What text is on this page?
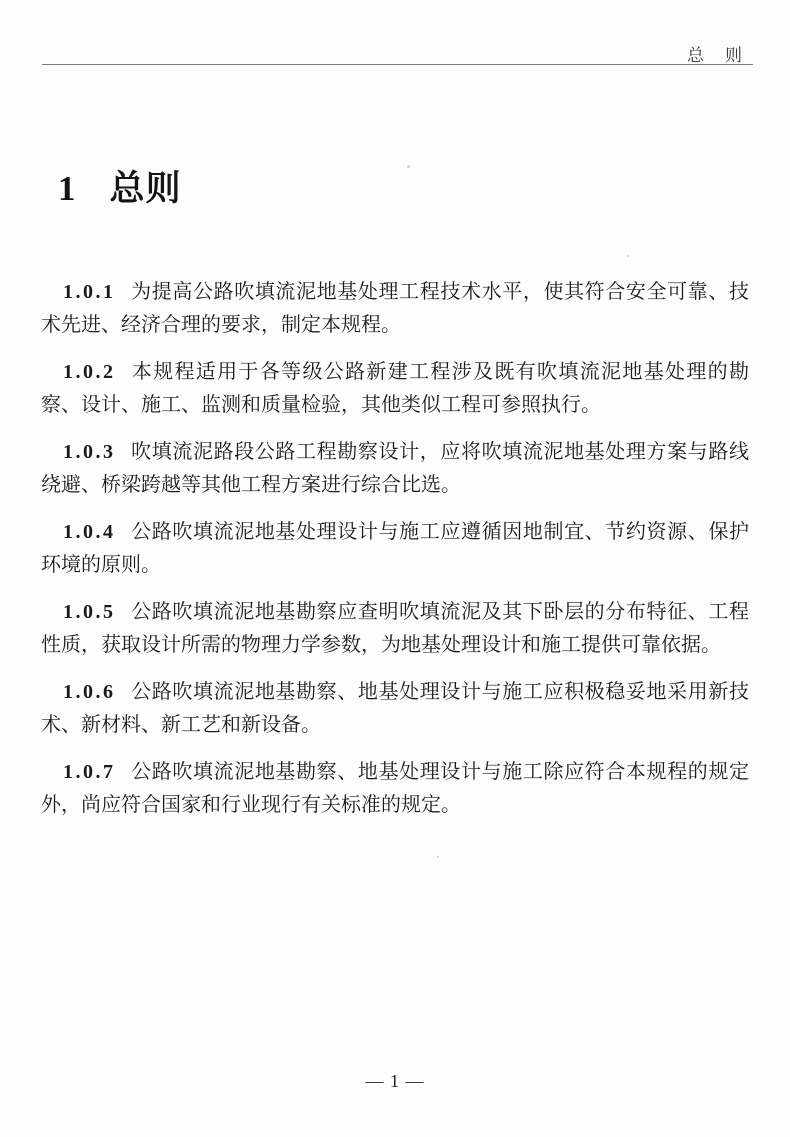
总　则
1 总则

1.0.1 为提高公路吹填流泥地基处理工程技术水平，使其符合安全可靠、技术先进、经济合理的要求，制定本规程。

1.0.2 本规程适用于各等级公路新建工程涉及既有吹填流泥地基处理的勘察、设计、施工、监测和质量检验，其他类似工程可参照执行。

1.0.3 吹填流泥路段公路工程勘察设计，应将吹填流泥地基处理方案与路线绕避、桥梁跨越等其他工程方案进行综合比选。

1.0.4 公路吹填流泥地基处理设计与施工应遵循因地制宜、节约资源、保护环境的原则。

1.0.5 公路吹填流泥地基勘察应查明吹填流泥及其下卧层的分布特征、工程性质，获取设计所需的物理力学参数，为地基处理设计和施工提供可靠依据。

1.0.6 公路吹填流泥地基勘察、地基处理设计与施工应积极稳妥地采用新技术、新材料、新工艺和新设备。

1.0.7 公路吹填流泥地基勘察、地基处理设计与施工除应符合本规程的规定外，尚应符合国家和行业现行有关标准的规定。

— 1 —
